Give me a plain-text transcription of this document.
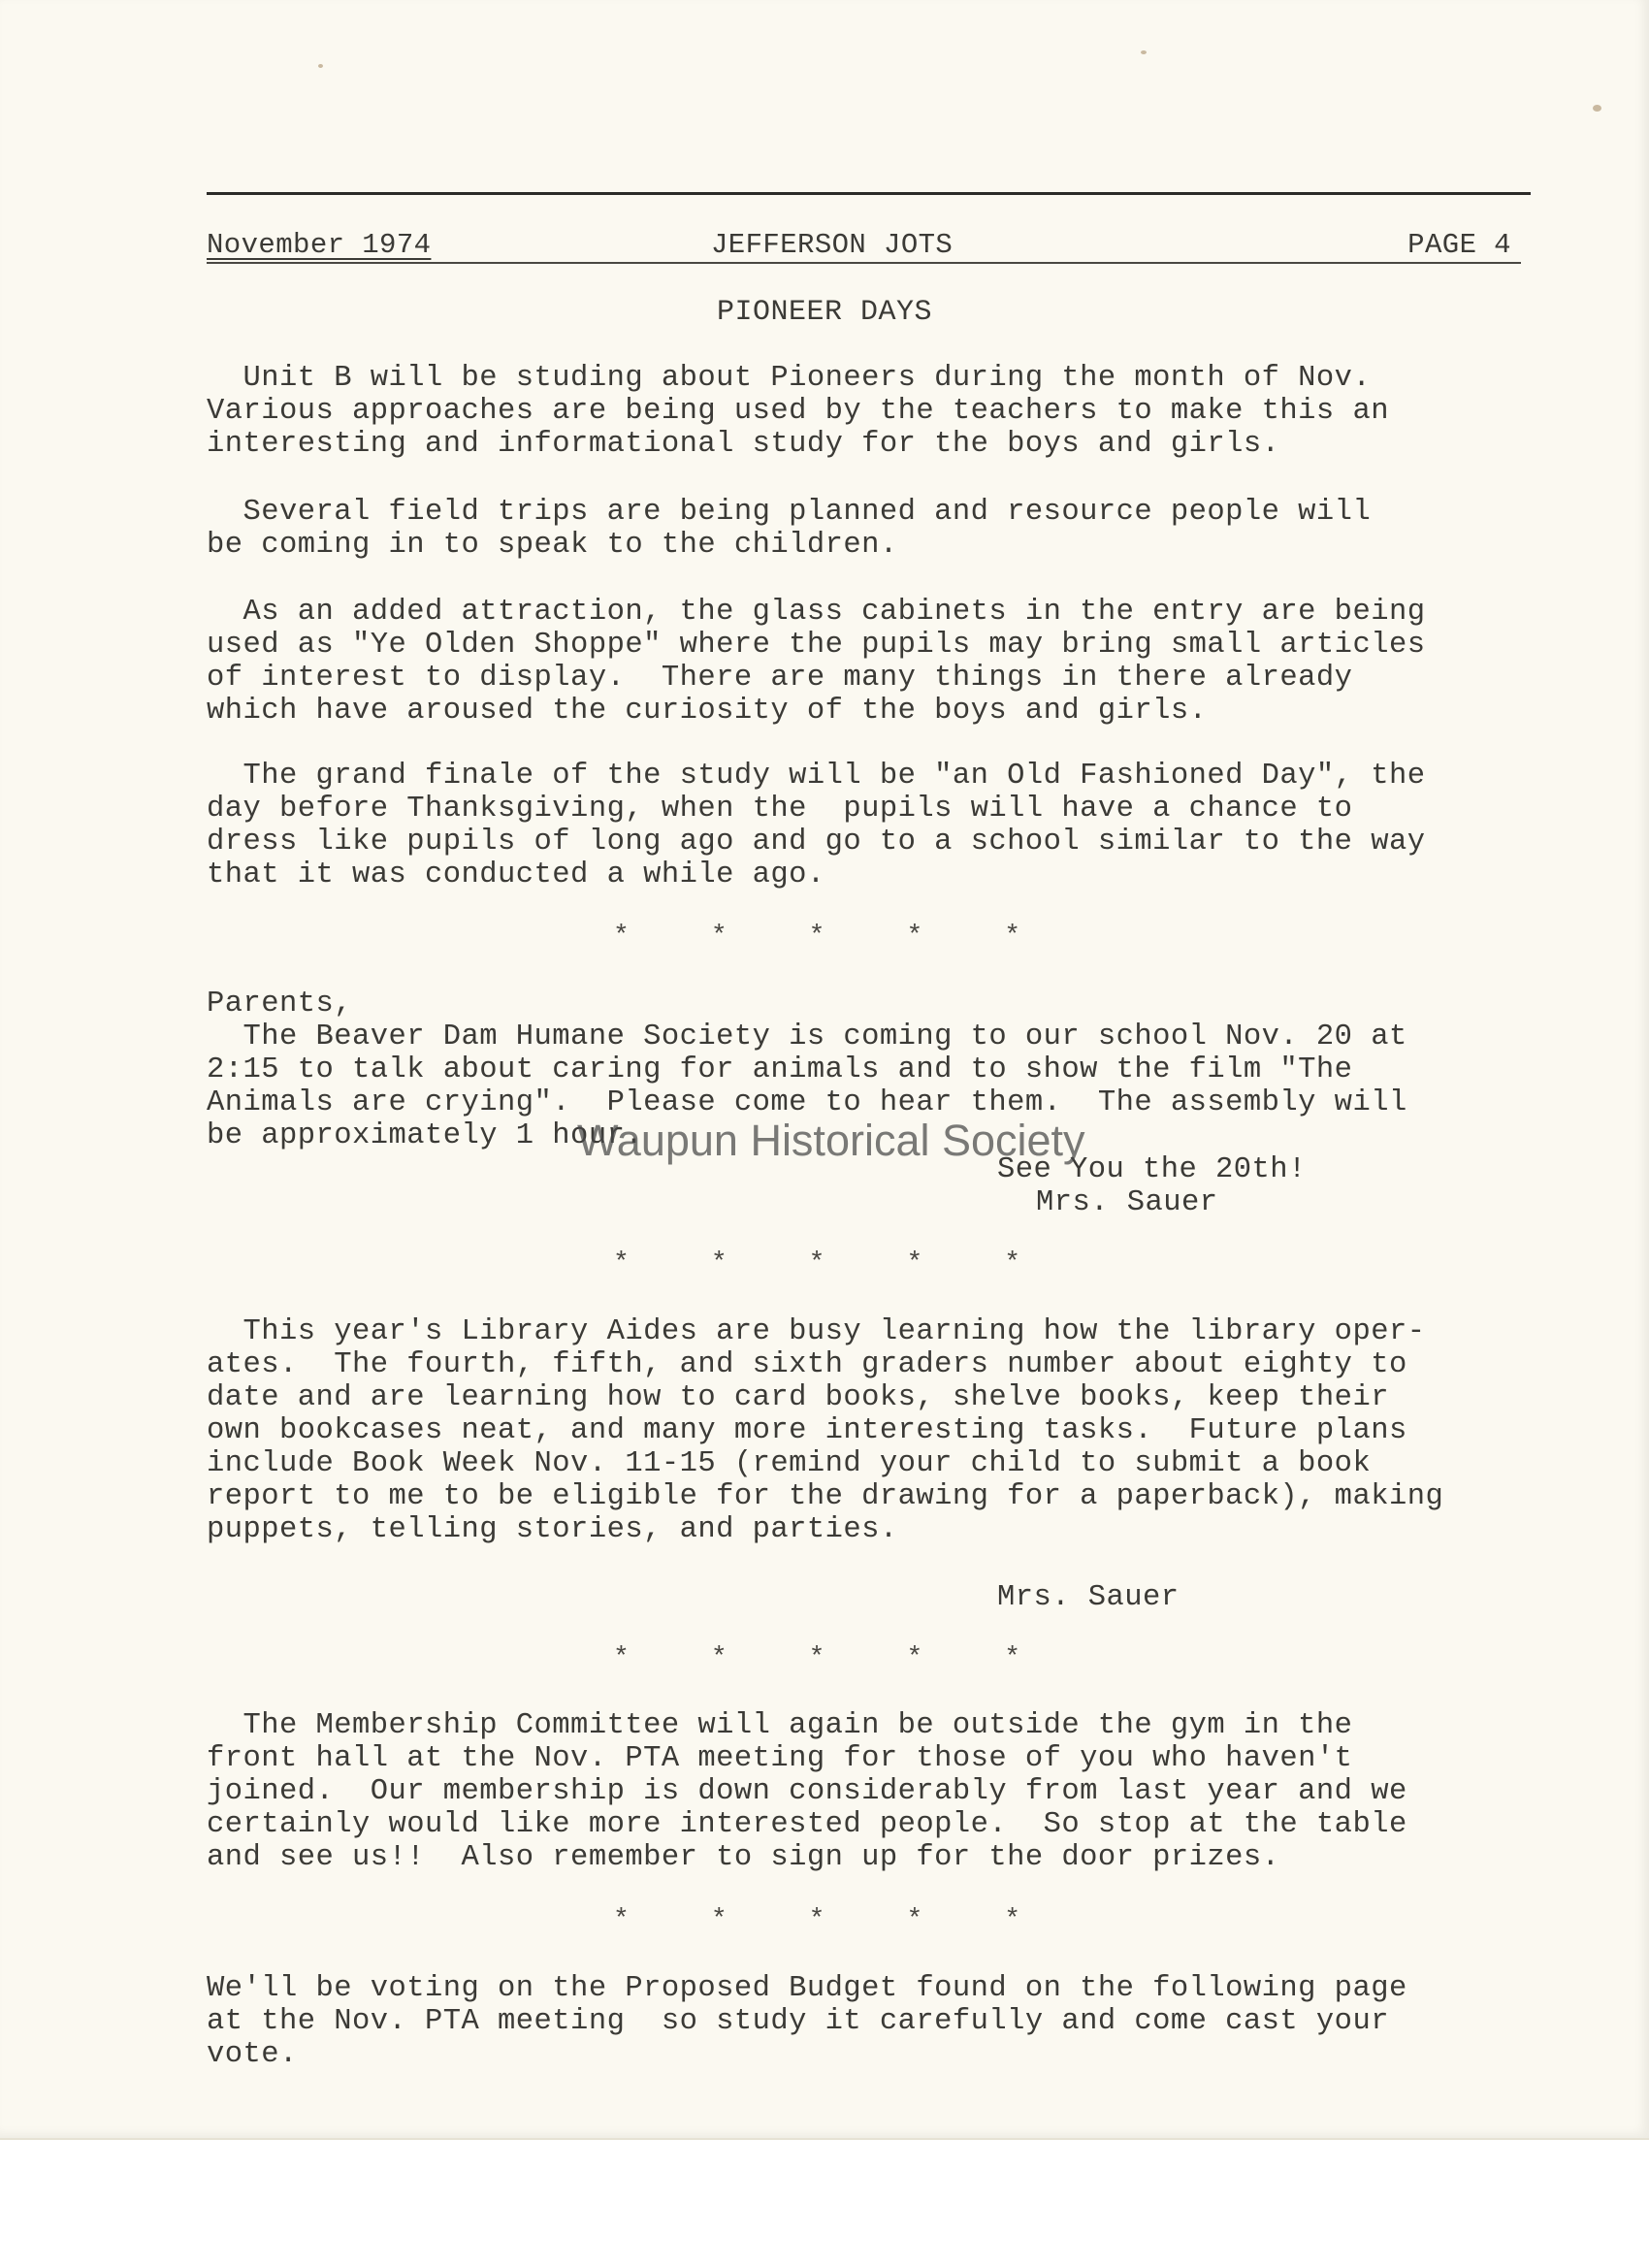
November 1974	JEFFERSON JOTS	PAGE 4
PIONEER DAYS
Unit B will be studing about Pioneers during the month of Nov.
Various approaches are being used by the teachers to make this an
interesting and informational study for the boys and girls.
Several field trips are being planned and resource people will
be coming in to speak to the children.
As an added attraction, the glass cabinets in the entry are being
used as "Ye Olden Shoppe" where the pupils may bring small articles
of interest to display.  There are many things in there already
which have aroused the curiosity of the boys and girls.
The grand finale of the study will be "an Old Fashioned Day", the
day before Thanksgiving, when the  pupils will have a chance to
dress like pupils of long ago and go to a school similar to the way
that it was conducted a while ago.
*     *     *     *     *
Parents,
The Beaver Dam Humane Society is coming to our school Nov. 20 at
2:15 to talk about caring for animals and to show the film "The
Animals are crying".  Please come to hear them.  The assembly will
be approximately 1 hour.
See You the 20th!
Mrs. Sauer
*     *     *     *     *
This year's Library Aides are busy learning how the library oper-
ates.  The fourth, fifth, and sixth graders number about eighty to
date and are learning how to card books, shelve books, keep their
own bookcases neat, and many more interesting tasks.  Future plans
include Book Week Nov. 11-15 (remind your child to submit a book
report to me to be eligible for the drawing for a paperback), making
puppets, telling stories, and parties.
Mrs. Sauer
*     *     *     *     *
The Membership Committee will again be outside the gym in the
front hall at the Nov. PTA meeting for those of you who haven't
joined.  Our membership is down considerably from last year and we
certainly would like more interested people.  So stop at the table
and see us!!  Also remember to sign up for the door prizes.
*     *     *     *     *
We'll be voting on the Proposed Budget found on the following page
at the Nov. PTA meeting  so study it carefully and come cast your
vote.
Waupun Historical Society
